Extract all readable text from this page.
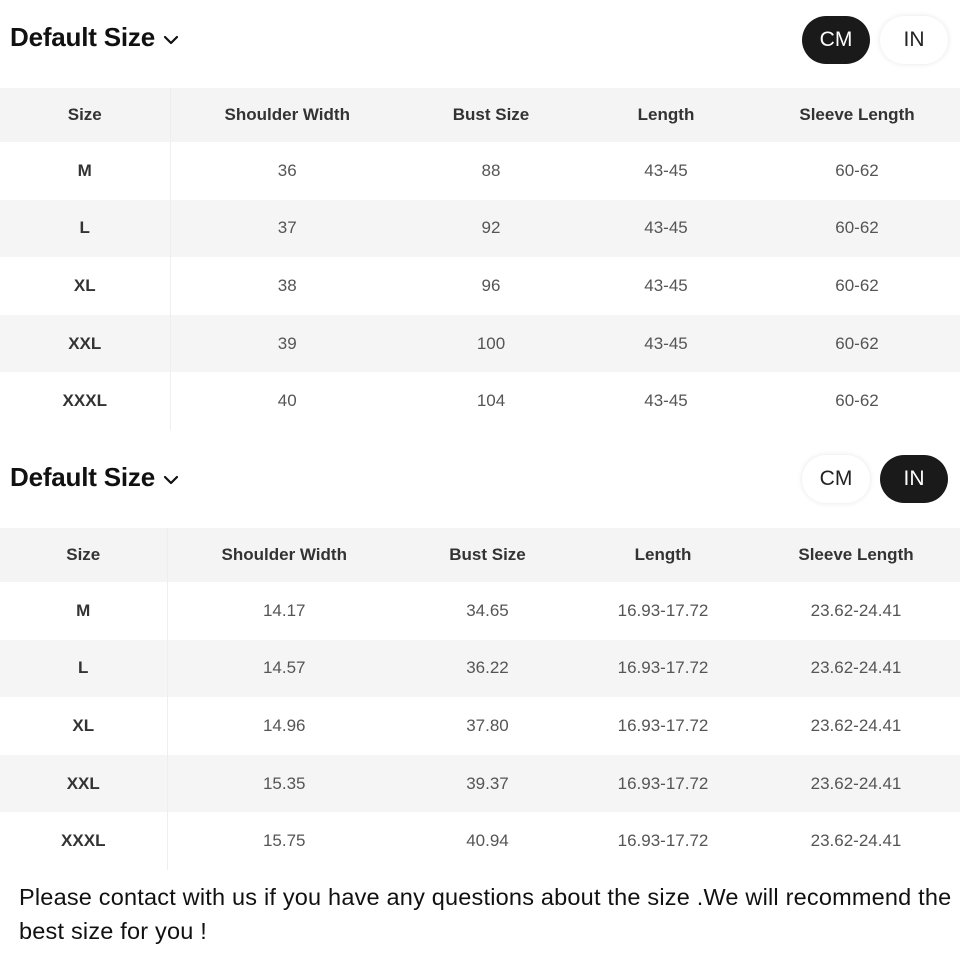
Default Size	CM	IN
Size	Shoulder Width	Bust Size	Length	Sleeve Length
M	36	88	43-45	60-62
L	37	92	43-45	60-62
XL	38	96	43-45	60-62
XXL	39	100	43-45	60-62
XXXL	40	104	43-45	60-62
Default Size	CM	IN
Size	Shoulder Width	Bust Size	Length	Sleeve Length
M	14.17	34.65	16.93-17.72	23.62-24.41
L	14.57	36.22	16.93-17.72	23.62-24.41
XL	14.96	37.80	16.93-17.72	23.62-24.41
XXL	15.35	39.37	16.93-17.72	23.62-24.41
XXXL	15.75	40.94	16.93-17.72	23.62-24.41

Please contact with us if you have any questions about the size .We will recommend the best size for you !
